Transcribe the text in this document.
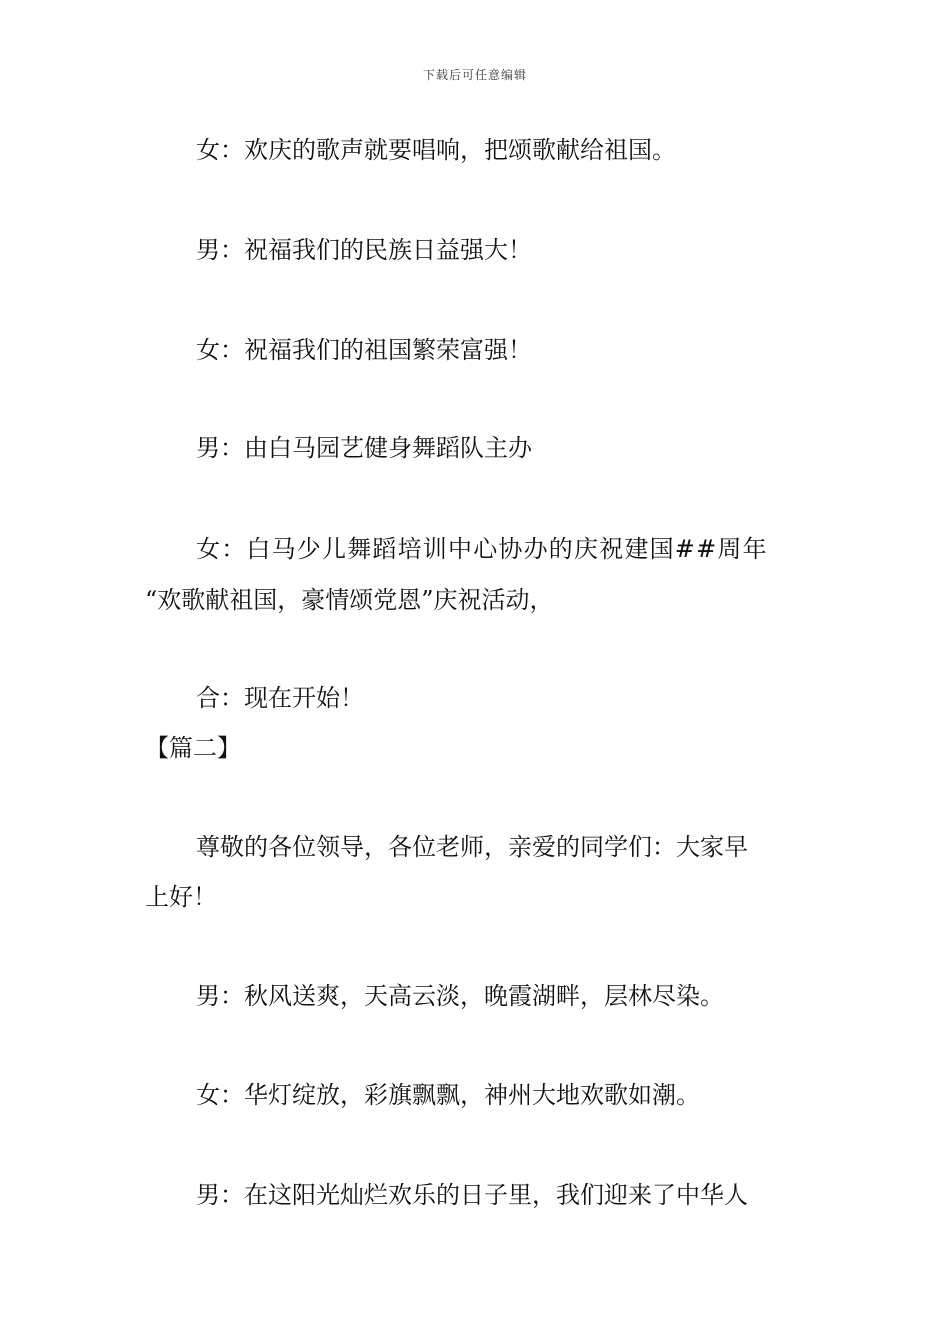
下载后可任意编辑
女：欢庆的歌声就要唱响，把颂歌献给祖国。
男：祝福我们的民族日益强大！
女：祝福我们的祖国繁荣富强！
男：由白马园艺健身舞蹈队主办
女：白马少儿舞蹈培训中心协办的庆祝建国##周年
“欢歌献祖国，豪情颂党恩”庆祝活动，
合：现在开始！
【篇二】
尊敬的各位领导，各位老师，亲爱的同学们：大家早
上好！
男：秋风送爽，天高云淡，晚霞湖畔，层林尽染。
女：华灯绽放，彩旗飘飘，神州大地欢歌如潮。
男：在这阳光灿烂欢乐的日子里，我们迎来了中华人
